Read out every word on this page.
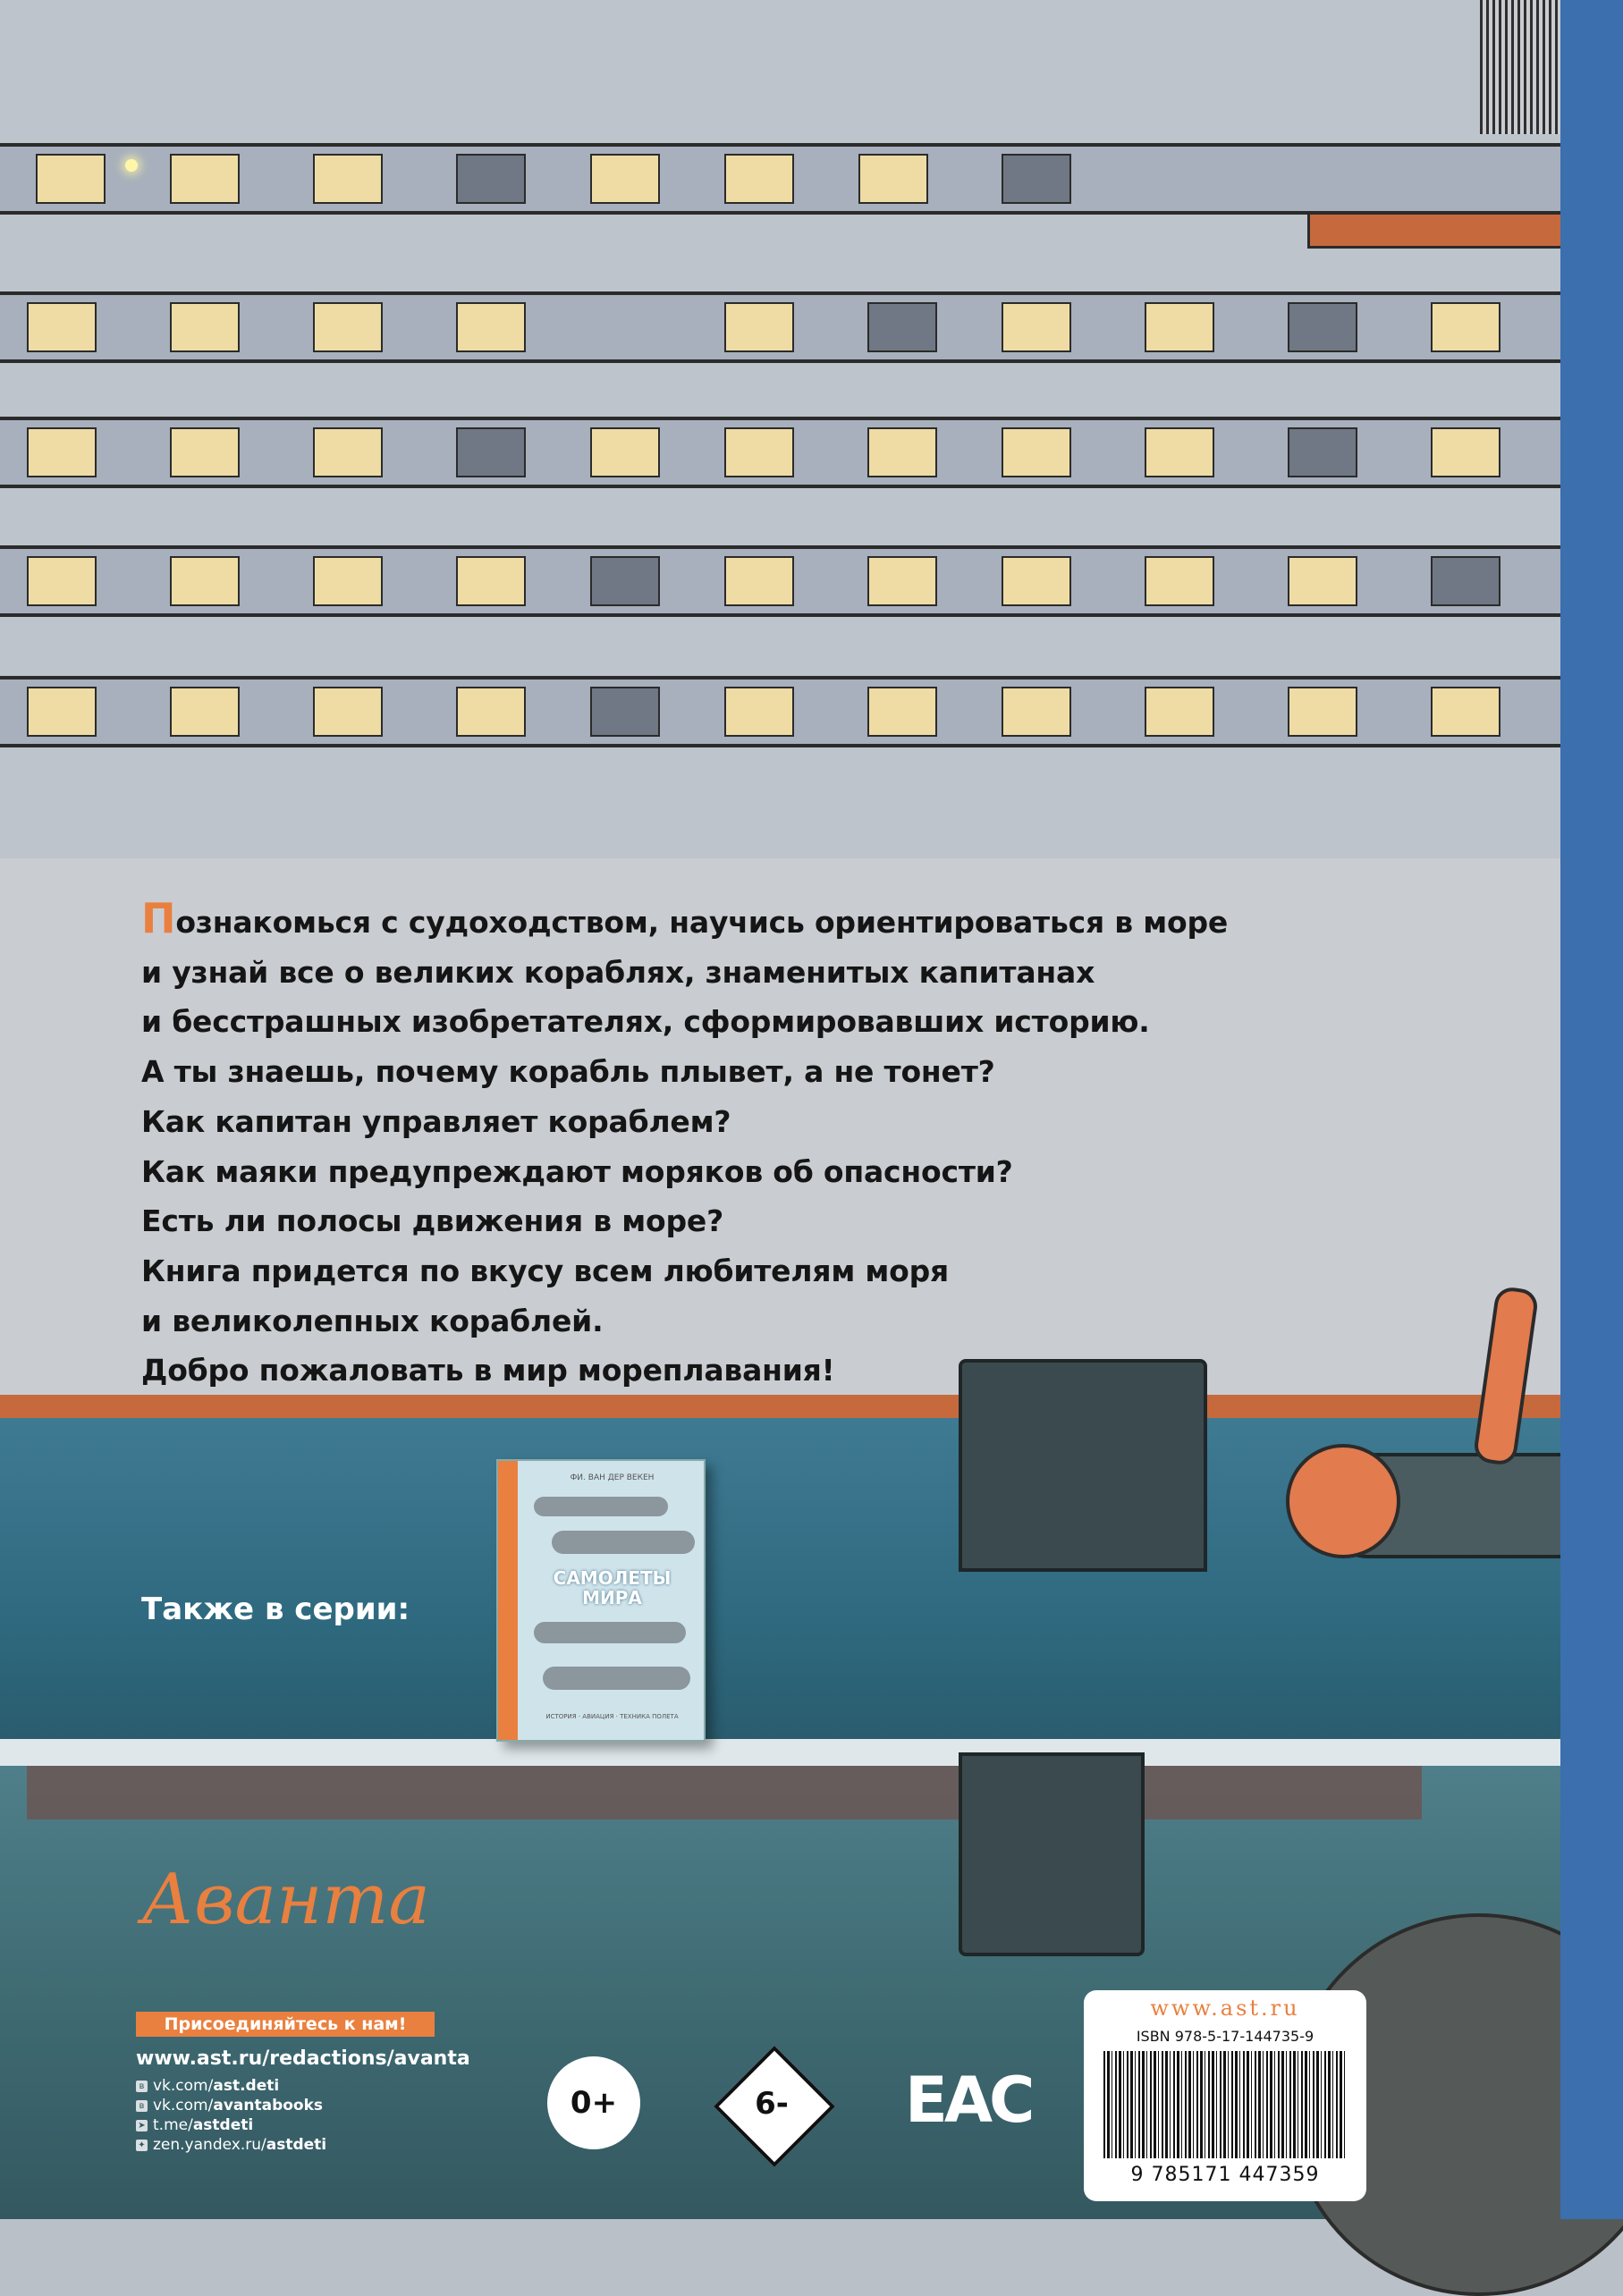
Познакомься с судоходством, научись ориентироваться в море

и узнай все о великих кораблях, знаменитых капитанах

и бесстрашных изобретателях, сформировавших историю.

А ты знаешь, почему корабль плывет, а не тонет?

Как капитан управляет кораблем?

Как маяки предупреждают моряков об опасности?

Есть ли полосы движения в море?

Книга придется по вкусу всем любителям моря

и великолепных кораблей.

Добро пожаловать в мир мореплавания!

Также в серии:
ФИ. ВАН ДЕР ВЕКЕН
САМОЛЕТЫ
МИРА
ИСТОРИЯ · АВИАЦИЯ · ТЕХНИКА ПОЛЕТА
Аванта
Присоединяйтесь к нам!
www.ast.ru/redactions/avanta
в vk.com/ast.deti
в vk.com/avantabooks
➤ t.me/astdeti
✦ zen.yandex.ru/astdeti
0+	6-	EAC
www.ast.ru
ISBN 978-5-17-144735-9
9 785171 447359
